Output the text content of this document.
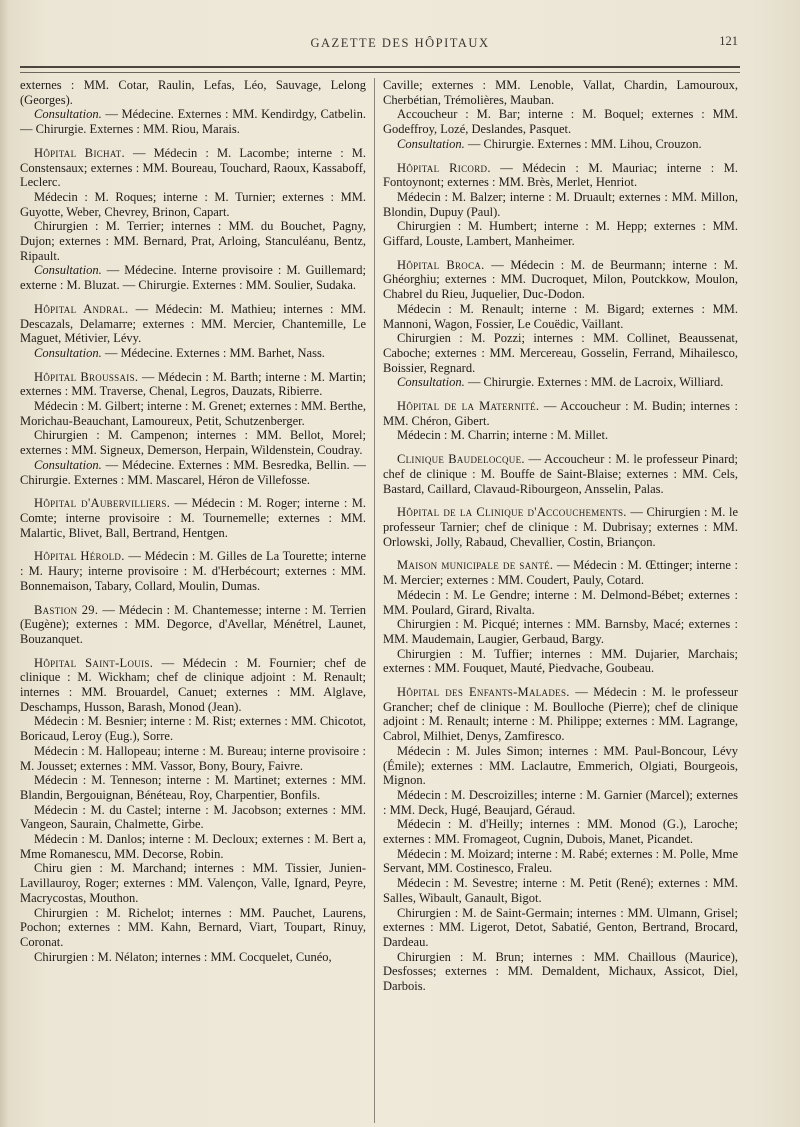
GAZETTE DES HÔPITAUX	121

externes : MM. Cotar, Raulin, Lefas, Léo, Sauvage, Lelong (Georges).

Consultation. — Médecine. Externes : MM. Kendirdgy, Catbelin. — Chirurgie. Externes : MM. Riou, Marais.

Hôpital Bichat. — Médecin : M. Lacombe; interne : M. Constensaux; externes : MM. Boureau, Touchard, Raoux, Kassaboff, Leclerc.

Médecin : M. Roques; interne : M. Turnier; externes : MM. Guyotte, Weber, Chevrey, Brinon, Capart.

Chirurgien : M. Terrier; internes : MM. du Bouchet, Pagny, Dujon; externes : MM. Bernard, Prat, Arloing, Stanculéanu, Bentz, Ripault.

Consultation. — Médecine. Interne provisoire : M. Guillemard; externe : M. Bluzat. — Chirurgie. Externes : MM. Soulier, Sudaka.

Hôpital Andral. — Médecin: M. Mathieu; internes : MM. Descazals, Delamarre; externes : MM. Mercier, Chantemille, Le Maguet, Métivier, Lévy.

Consultation. — Médecine. Externes : MM. Barhet, Nass.

Hôpital Broussais. — Médecin : M. Barth; interne : M. Martin; externes : MM. Traverse, Chenal, Legros, Dauzats, Ribierre.

Médecin : M. Gilbert; interne : M. Grenet; externes : MM. Berthe, Morichau-Beauchant, Lamoureux, Petit, Schutzenberger.

Chirurgien : M. Campenon; internes : MM. Bellot, Morel; externes : MM. Signeux, Demerson, Herpain, Wildenstein, Coudray.

Consultation. — Médecine. Externes : MM. Besredka, Bellin. — Chirurgie. Externes : MM. Mascarel, Héron de Villefosse.

Hôpital d'Aubervilliers. — Médecin : M. Roger; interne : M. Comte; interne provisoire : M. Tournemelle; externes : MM. Malartic, Blivet, Ball, Bertrand, Hentgen.

Hôpital Hérold. — Médecin : M. Gilles de La Tourette; interne : M. Haury; interne provisoire : M. d'Herbécourt; externes : MM. Bonnemaison, Tabary, Collard, Moulin, Dumas.

Bastion 29. — Médecin : M. Chantemesse; interne : M. Terrien (Eugène); externes : MM. Degorce, d'Avellar, Ménétrel, Launet, Bouzanquet.

Hôpital Saint-Louis. — Médecin : M. Fournier; chef de clinique : M. Wickham; chef de clinique adjoint : M. Renault; internes : MM. Brouardel, Canuet; externes : MM. Alglave, Deschamps, Husson, Barash, Monod (Jean).

Médecin : M. Besnier; interne : M. Rist; externes : MM. Chicotot, Boricaud, Leroy (Eug.), Sorre.

Médecin : M. Hallopeau; interne : M. Bureau; interne provisoire : M. Jousset; externes : MM. Vassor, Bony, Boury, Faivre.

Médecin : M. Tenneson; interne : M. Martinet; externes : MM. Blandin, Bergouignan, Bénéteau, Roy, Charpentier, Bonfils.

Médecin : M. du Castel; interne : M. Jacobson; externes : MM. Vangeon, Saurain, Chalmette, Girbe.

Médecin : M. Danlos; interne : M. Decloux; externes : M. Bert a, Mme Romanescu, MM. Decorse, Robin.

Chiru gien : M. Marchand; internes : MM. Tissier, Junien-Lavillauroy, Roger; externes : MM. Valençon, Valle, Ignard, Peyre, Macrycostas, Mouthon.

Chirurgien : M. Richelot; internes : MM. Pauchet, Laurens, Pochon; externes : MM. Kahn, Bernard, Viart, Toupart, Rinuy, Coronat.

Chirurgien : M. Nélaton; internes : MM. Cocquelet, Cunéo,

Caville; externes : MM. Lenoble, Vallat, Chardin, Lamouroux, Cherbétian, Trémolières, Mauban.

Accoucheur : M. Bar; interne : M. Boquel; externes : MM. Godeffroy, Lozé, Deslandes, Pasquet.

Consultation. — Chirurgie. Externes : MM. Lihou, Crouzon.

Hôpital Ricord. — Médecin : M. Mauriac; interne : M. Fontoynont; externes : MM. Brès, Merlet, Henriot.

Médecin : M. Balzer; interne : M. Druault; externes : MM. Millon, Blondin, Dupuy (Paul).

Chirurgien : M. Humbert; interne : M. Hepp; externes : MM. Giffard, Louste, Lambert, Manheimer.

Hôpital Broca. — Médecin : M. de Beurmann; interne : M. Ghéorghiu; externes : MM. Ducroquet, Milon, Poutckkow, Moulon, Chabrel du Rieu, Juquelier, Duc-Dodon.

Médecin : M. Renault; interne : M. Bigard; externes : MM. Mannoni, Wagon, Fossier, Le Couëdic, Vaillant.

Chirurgien : M. Pozzi; internes : MM. Collinet, Beaussenat, Caboche; externes : MM. Mercereau, Gosselin, Ferrand, Mihailesco, Boissier, Regnard.

Consultation. — Chirurgie. Externes : MM. de Lacroix, Williard.

Hôpital de la Maternité. — Accoucheur : M. Budin; internes : MM. Chéron, Gibert.

Médecin : M. Charrin; interne : M. Millet.

Clinique Baudelocque. — Accoucheur : M. le professeur Pinard; chef de clinique : M. Bouffe de Saint-Blaise; externes : MM. Cels, Bastard, Caillard, Clavaud-Ribourgeon, Ansselin, Palas.

Hôpital de la Clinique d'Accouchements. — Chirurgien : M. le professeur Tarnier; chef de clinique : M. Dubrisay; externes : MM. Orlowski, Jolly, Rabaud, Chevallier, Costin, Briançon.

Maison municipale de santé. — Médecin : M. Œttinger; interne : M. Mercier; externes : MM. Coudert, Pauly, Cotard.

Médecin : M. Le Gendre; interne : M. Delmond-Bébet; externes : MM. Poulard, Girard, Rivalta.

Chirurgien : M. Picqué; internes : MM. Barnsby, Macé; externes : MM. Maudemain, Laugier, Gerbaud, Bargy.

Chirurgien : M. Tuffier; internes : MM. Dujarier, Marchais; externes : MM. Fouquet, Mauté, Piedvache, Goubeau.

Hôpital des Enfants-Malades. — Médecin : M. le professeur Grancher; chef de clinique : M. Boulloche (Pierre); chef de clinique adjoint : M. Renault; interne : M. Philippe; externes : MM. Lagrange, Cabrol, Milhiet, Denys, Zamfiresco.

Médecin : M. Jules Simon; internes : MM. Paul-Boncour, Lévy (Émile); externes : MM. Laclautre, Emmerich, Olgiati, Bourgeois, Mignon.

Médecin : M. Descroizilles; interne : M. Garnier (Marcel); externes : MM. Deck, Hugé, Beaujard, Géraud.

Médecin : M. d'Heilly; internes : MM. Monod (G.), Laroche; externes : MM. Fromageot, Cugnin, Dubois, Manet, Picandet.

Médecin : M. Moizard; interne : M. Rabé; externes : M. Polle, Mme Servant, MM. Costinesco, Fraleu.

Médecin : M. Sevestre; interne : M. Petit (René); externes : MM. Salles, Wibault, Ganault, Bigot.

Chirurgien : M. de Saint-Germain; internes : MM. Ulmann, Grisel; externes : MM. Ligerot, Detot, Sabatié, Genton, Bertrand, Brocard, Dardeau.

Chirurgien : M. Brun; internes : MM. Chaillous (Maurice), Desfosses; externes : MM. Demaldent, Michaux, Assicot, Diel, Darbois.
